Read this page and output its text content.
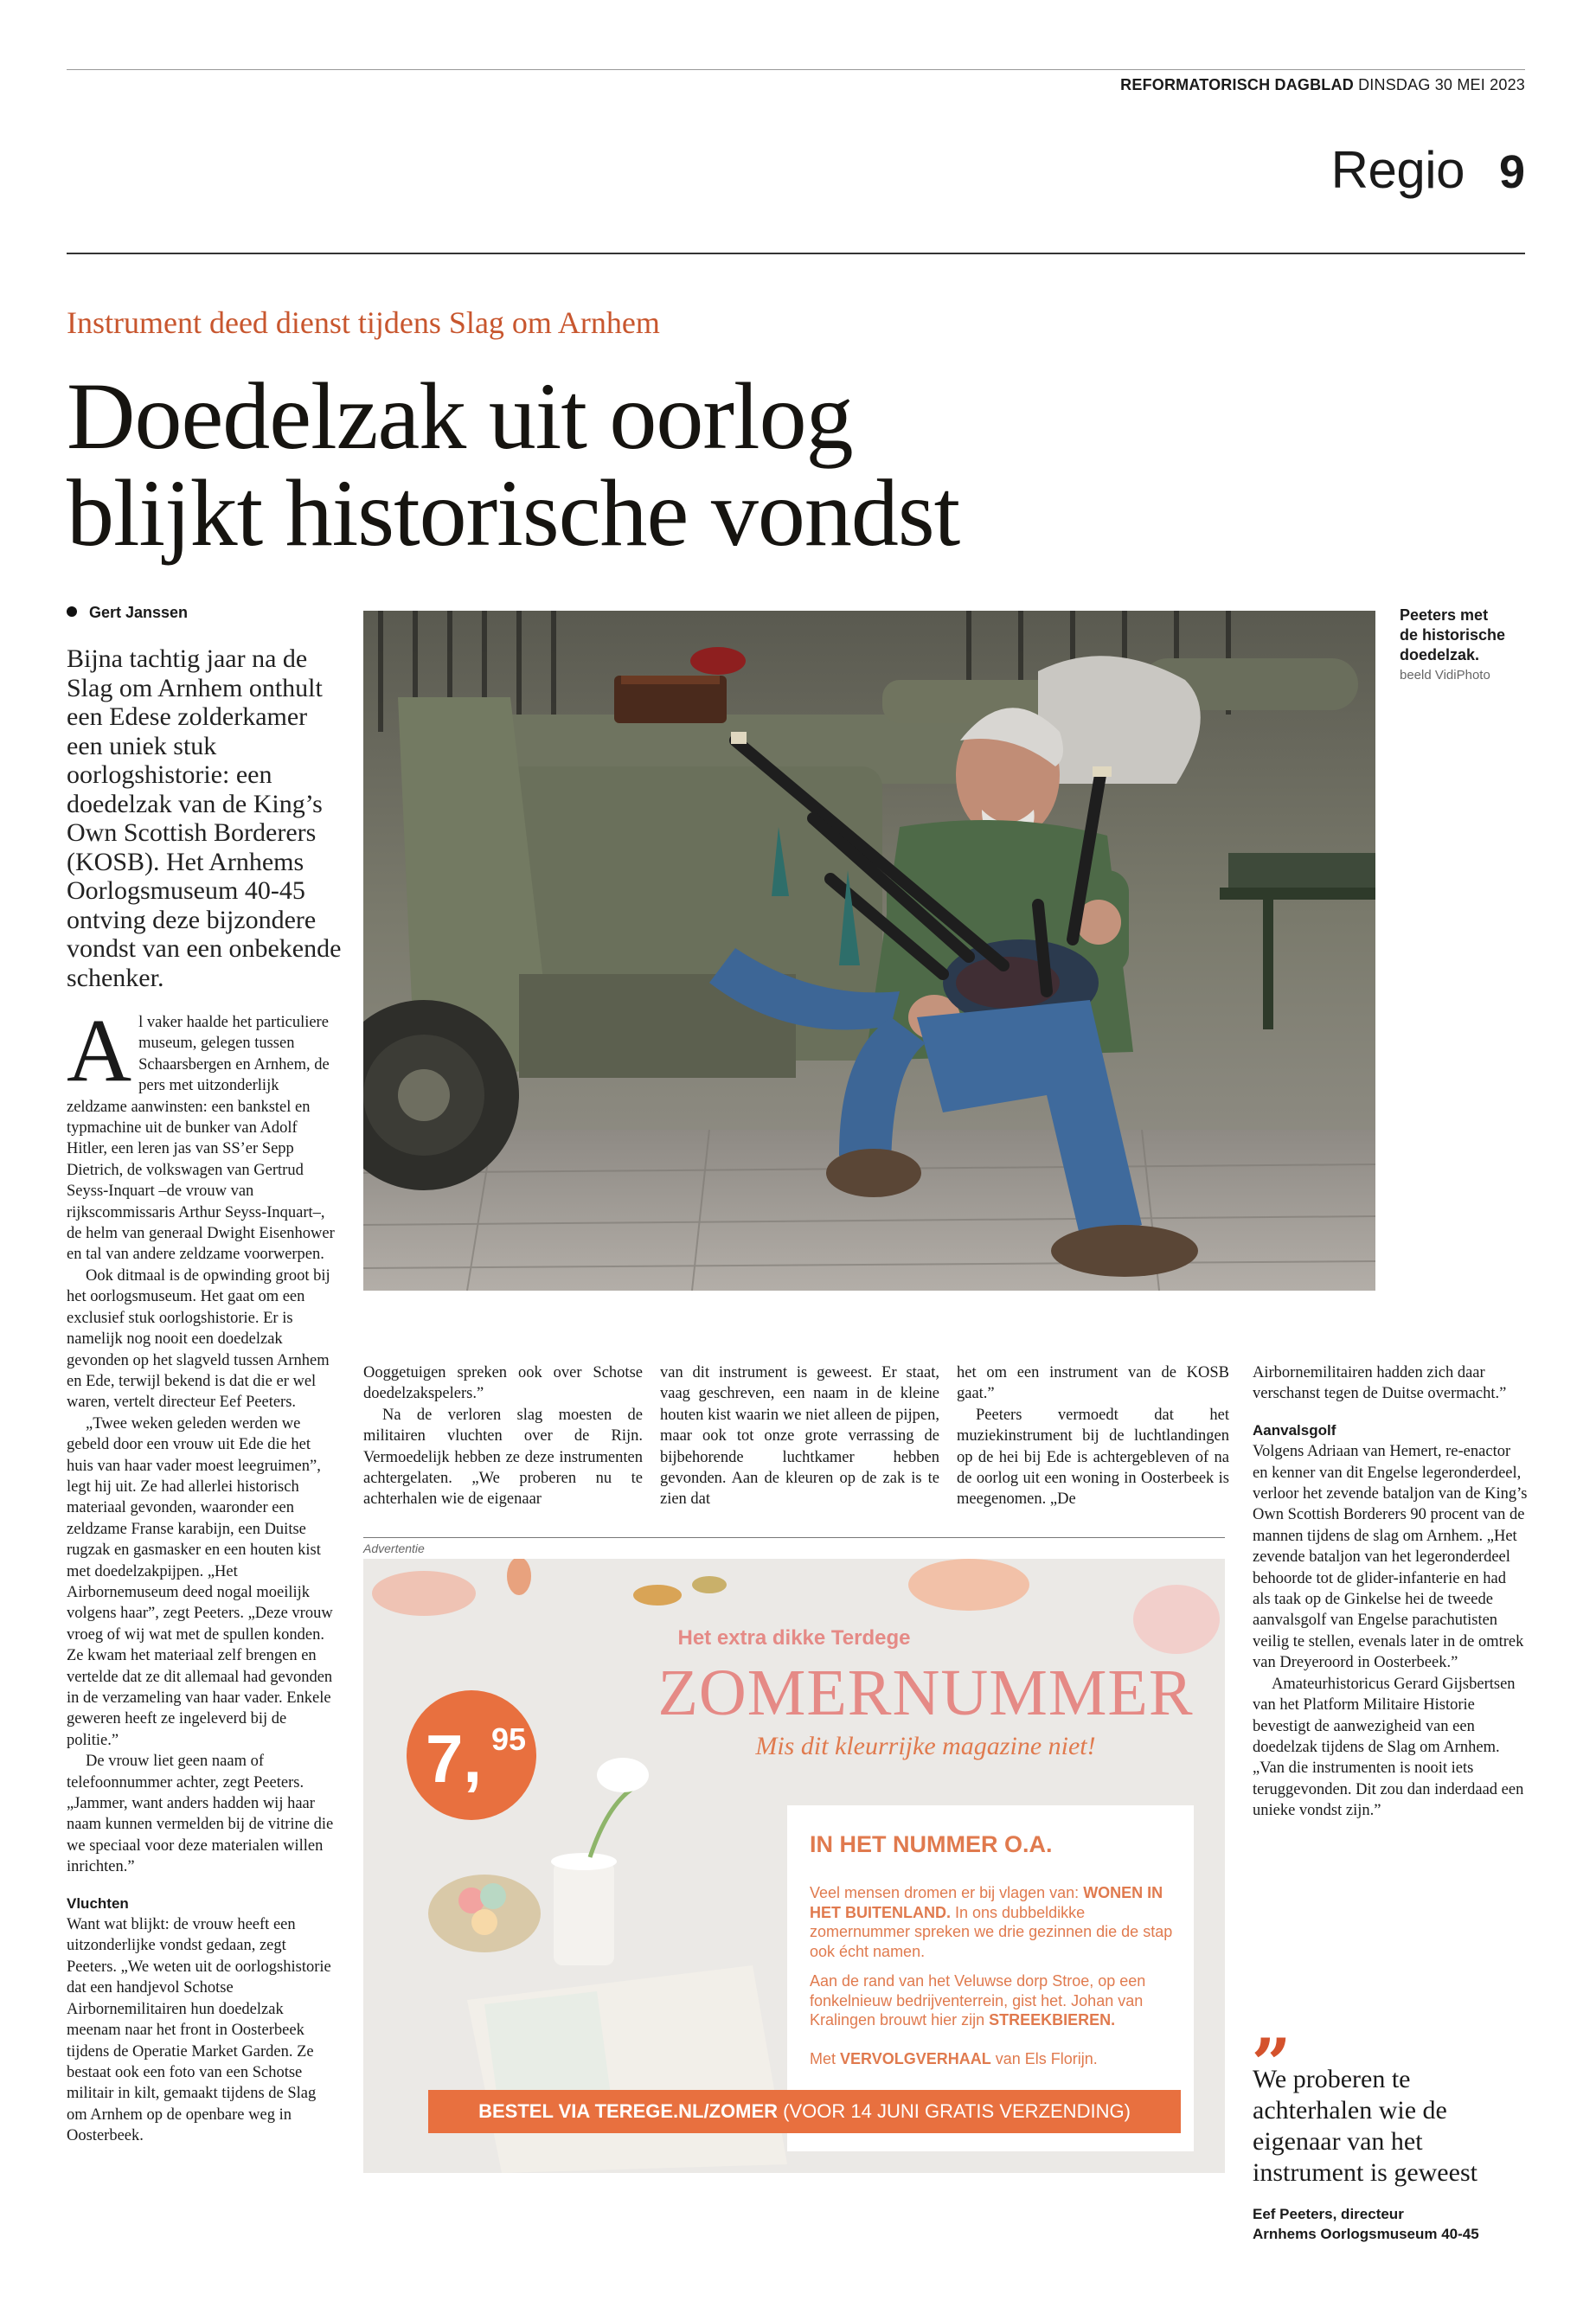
REFORMATORISCH DAGBLAD DINSDAG 30 MEI 2023
Regio 9
Instrument deed dienst tijdens Slag om Arnhem
Doedelzak uit oorlog
blijkt historische vondst
Gert Janssen
Bijna tachtig jaar na de Slag om Arnhem onthult een Edese zolderkamer een uniek stuk oorlogshistorie: een doedelzak van de King’s Own Scottish Borderers (KOSB). Het Arnhems Oorlogsmuseum 40-45 ontving deze bijzondere vondst van een onbekende schenker.

Al vaker haalde het particuliere museum, gelegen tussen Schaarsbergen en Arnhem, de pers met uitzonderlijk zeldzame aanwinsten: een bankstel en typmachine uit de bunker van Adolf Hitler, een leren jas van SS’er Sepp Dietrich, de volkswagen van Gertrud Seyss-Inquart –de vrouw van rijkscommissaris Arthur Seyss-Inquart–, de helm van generaal Dwight Eisenhower en tal van andere zeldzame voorwerpen.

Ook ditmaal is de opwinding groot bij het oorlogsmuseum. Het gaat om een exclusief stuk oorlogshistorie. Er is namelijk nog nooit een doedelzak gevonden op het slagveld tussen Arnhem en Ede, terwijl bekend is dat die er wel waren, vertelt directeur Eef Peeters.

„Twee weken geleden werden we gebeld door een vrouw uit Ede die het huis van haar vader moest leegruimen”, legt hij uit. Ze had allerlei historisch materiaal gevonden, waaronder een zeldzame Franse karabijn, een Duitse rugzak en gasmasker en een houten kist met doedelzakpijpen. „Het Airbornemuseum deed nogal moeilijk volgens haar”, zegt Peeters. „Deze vrouw vroeg of wij wat met de spullen konden. Ze kwam het materiaal zelf brengen en vertelde dat ze dit allemaal had gevonden in de verzameling van haar vader. Enkele geweren heeft ze ingeleverd bij de politie.”

De vrouw liet geen naam of telefoonnummer achter, zegt Peeters. „Jammer, want anders hadden wij haar naam kunnen vermelden bij de vitrine die we speciaal voor deze materialen willen inrichten.”

Vluchten

Want wat blijkt: de vrouw heeft een uitzonderlijke vondst gedaan, zegt Peeters. „We weten uit de oorlogshistorie dat een handjevol Schotse Airbornemilitairen hun doedelzak meenam naar het front in Oosterbeek tijdens de Operatie Market Garden. Ze bestaat ook een foto van een Schotse militair in kilt, gemaakt tijdens de Slag om Arnhem op de openbare weg in Oosterbeek.

Peeters met
de historische
doedelzak.
beeld VidiPhoto

Ooggetuigen spreken ook over Schotse doedelzakspelers.”

Na de verloren slag moesten de militairen vluchten over de Rijn. Vermoedelijk hebben ze deze instrumenten achtergelaten. „We proberen nu te achterhalen wie de eigenaar

van dit instrument is geweest. Er staat, vaag geschreven, een naam in de kleine houten kist waarin we niet alleen de pijpen, maar ook tot onze grote verrassing de bijbehorende luchtkamer hebben gevonden. Aan de kleuren op de zak is te zien dat

het om een instrument van de KOSB gaat.”

Peeters vermoedt dat het muziekinstrument bij de luchtlandingen op de hei bij Ede is achtergebleven of na de oorlog uit een woning in Oosterbeek is meegenomen. „De

Airbornemilitairen hadden zich daar verschanst tegen de Duitse overmacht.”

Aanvalsgolf

Volgens Adriaan van Hemert, re-enactor en kenner van dit Engelse legeronderdeel, verloor het zevende bataljon van de King’s Own Scottish Borderers 90 procent van de mannen tijdens de slag om Arnhem. „Het zevende bataljon van het legeronderdeel behoorde tot de glider-infanterie en had als taak op de Ginkelse hei de tweede aanvalsgolf van Engelse parachutisten veilig te stellen, evenals later in de omtrek van Dreyeroord in Oosterbeek.”

Amateurhistoricus Gerard Gijsbertsen van het Platform Militaire Historie bevestigt de aanwezigheid van een doedelzak tijdens de Slag om Arnhem. „Van die instrumenten is nooit iets teruggevonden. Dit zou dan inderdaad een unieke vondst zijn.”

Advertentie
7, 95
Het extra dikke Terdege
ZOMERNUMMER
Mis dit kleurrijke magazine niet!
IN HET NUMMER O.A.
Veel mensen dromen er bij vlagen van: WONEN IN HET BUITENLAND. In ons dubbeldikke zomernummer spreken we drie gezinnen die de stap ook écht namen.
Aan de rand van het Veluwse dorp Stroe, op een fonkelnieuw bedrijventerrein, gist het. Johan van Kralingen brouwt hier zijn STREEKBIEREN.
Met VERVOLGVERHAAL van Els Florijn.
BESTEL VIA TEREGE.NL/ZOMER (VOOR 14 JUNI GRATIS VERZENDING)
„
We proberen te achterhalen wie de eigenaar van het instrument is geweest
Eef Peeters, directeur
Arnhems Oorlogsmuseum 40-45
